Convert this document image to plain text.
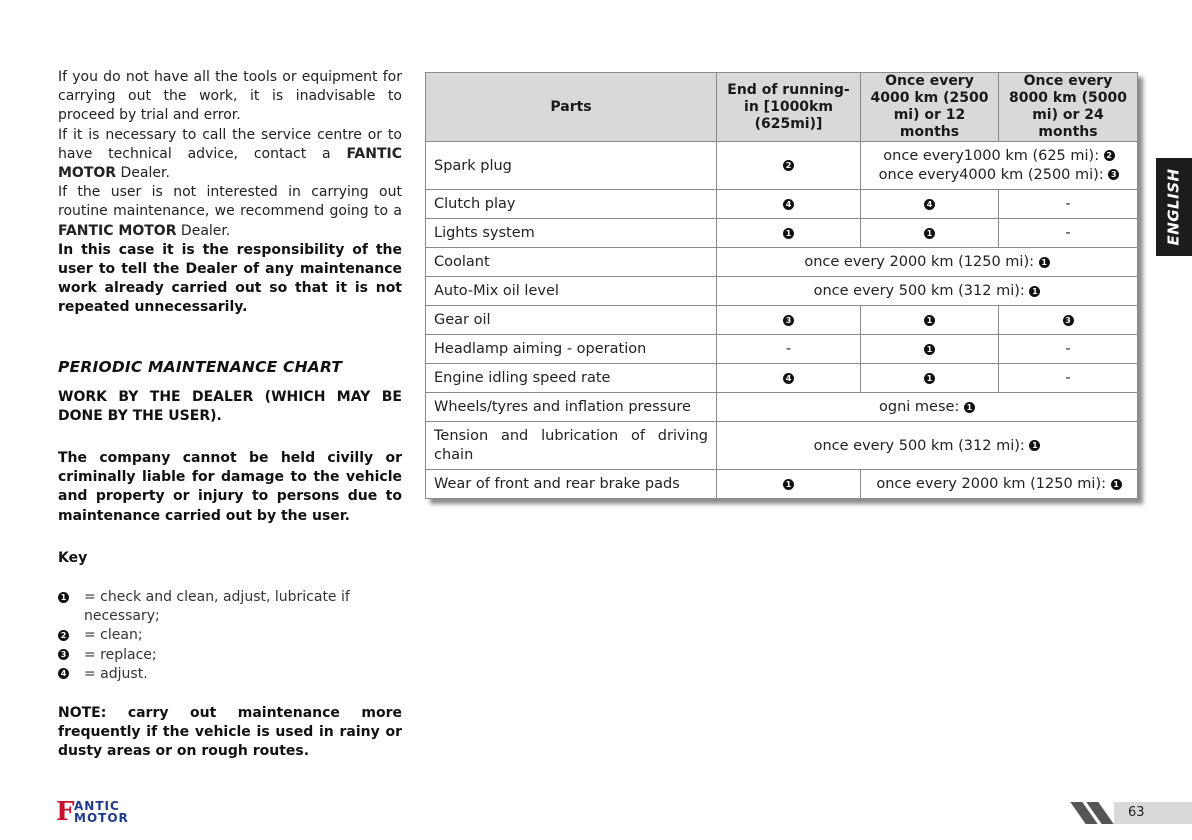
If you do not have all the tools or equipment for carrying out the work, it is inadvisable to proceed by trial and error.

If it is necessary to call the service centre or to have technical advice, contact a FANTIC MOTOR Dealer.

If the user is not interested in carrying out routine maintenance, we recommend going to a FANTIC MOTOR Dealer.

In this case it is the responsibility of the user to tell the Dealer of any maintenance work already carried out so that it is not repeated unnecessarily.

PERIODIC MAINTENANCE CHART

WORK BY THE DEALER (WHICH MAY BE DONE BY THE USER).

The company cannot be held civilly or criminally liable for damage to the vehicle and property or injury to persons due to maintenance carried out by the user.

Key

1	= check and clean, adjust, lubricate if necessary;
2	= clean;
3	= replace;
4	= adjust.

NOTE: carry out maintenance more frequently if the vehicle is used in rainy or dusty areas or on rough routes.

Parts	End of running-in [1000km (625mi)]	Once every 4000 km (2500 mi) or 12 months	Once every 8000 km (5000 mi) or 24 months
Spark plug	2	once every1000 km (625 mi): 2
once every4000 km (2500 mi): 3	

Clutch play	4	4	-
Lights system	1	1	-
Coolant	once every 2000 km (1250 mi): 1		
Auto-Mix oil level	once every 500 km (312 mi): 1		
Gear oil	3	1	3
Headlamp aiming - operation	-	1	-
Engine idling speed rate	4	1	-
Wheels/tyres and inflation pressure	ogni mese: 1		
Tension and lubrication of driving chain	once every 500 km (312 mi): 1		
Wear of front and rear brake pads	1	once every 2000 km (1250 mi): 1	
ENGLISH
F ANTIC
MOTOR	63
